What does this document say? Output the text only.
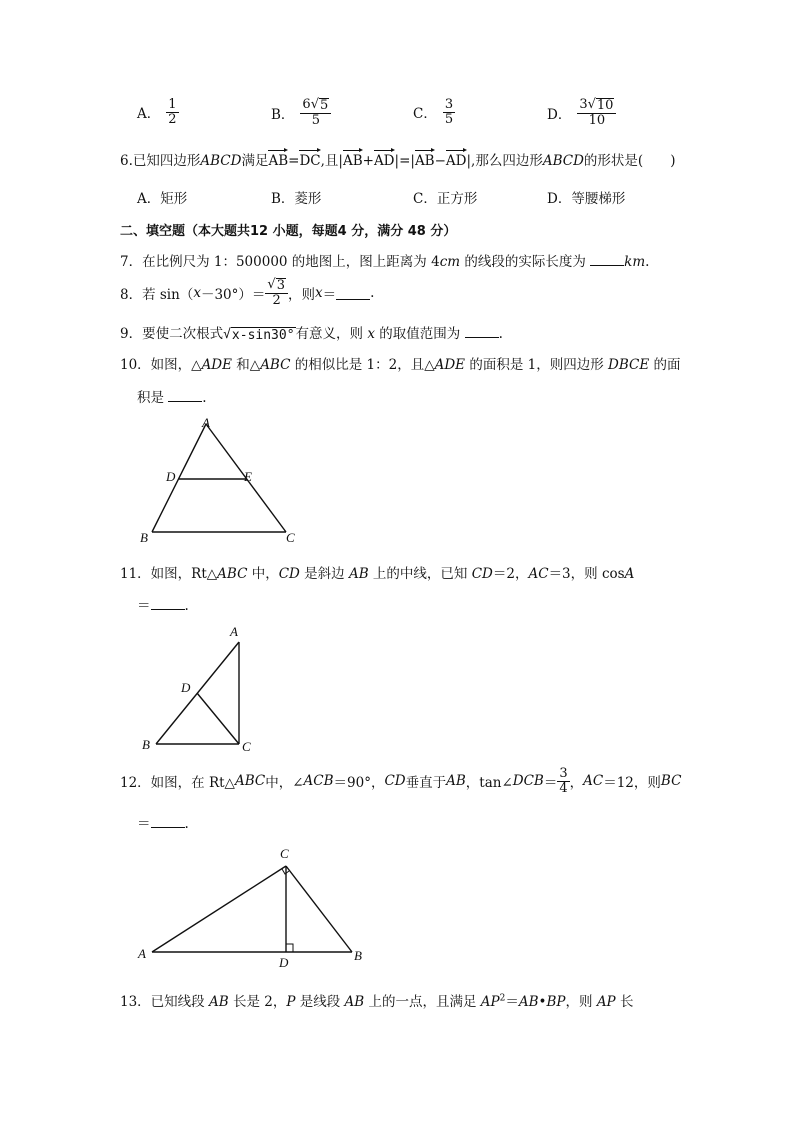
A． $\frac{1}{2}$	B． $\frac{6√ 5}{5}$	C． $\frac{3}{5}$	D． $\frac{3√ 10}{10}$
6.已知四边形ABCD满足AB=DC,且|AB+AD|=|AB−AD|,那么四边形ABCD的形状是(　　)
A．矩形	B．菱形	C．正方形	D．等腰梯形
二、填空题（本大题共12 小题，每题4 分，满分 48 分）
7．在比例尺为 1：500000 的地图上，图上距离为 4cm 的线段的实际长度为	km.
8．若 sin（ $x -30^\circ)= \frac{√ 3}{2}$ ，则 x ＝	.
9．要使二次根式√ x-sin30° 有意义，则 x 的取值范围为	.
10．如图，△ADE 和△ABC 的相似比是 1：2，且△ADE 的面积是 1，则四边形 DBCE 的面
积是	.
A
D	E
B	C
11．如图，Rt△ABC 中，CD 是斜边 AB 上的中线，已知 CD＝2，AC＝3，则 cosA
＝	.
A
D
B	C
12．如图，在 Rt△ ABC 中，∠ ACB ＝90°， CD 垂直于 AB ，tan∠ DCB ＝ $\frac{3}{4}$ ， AC ＝12，则 BC
＝	.
C
A
D	B
13．已知线段 AB 长是 2，P 是线段 AB 上的一点，且满足 $AP^2=AB•BP$，则 AP 长
